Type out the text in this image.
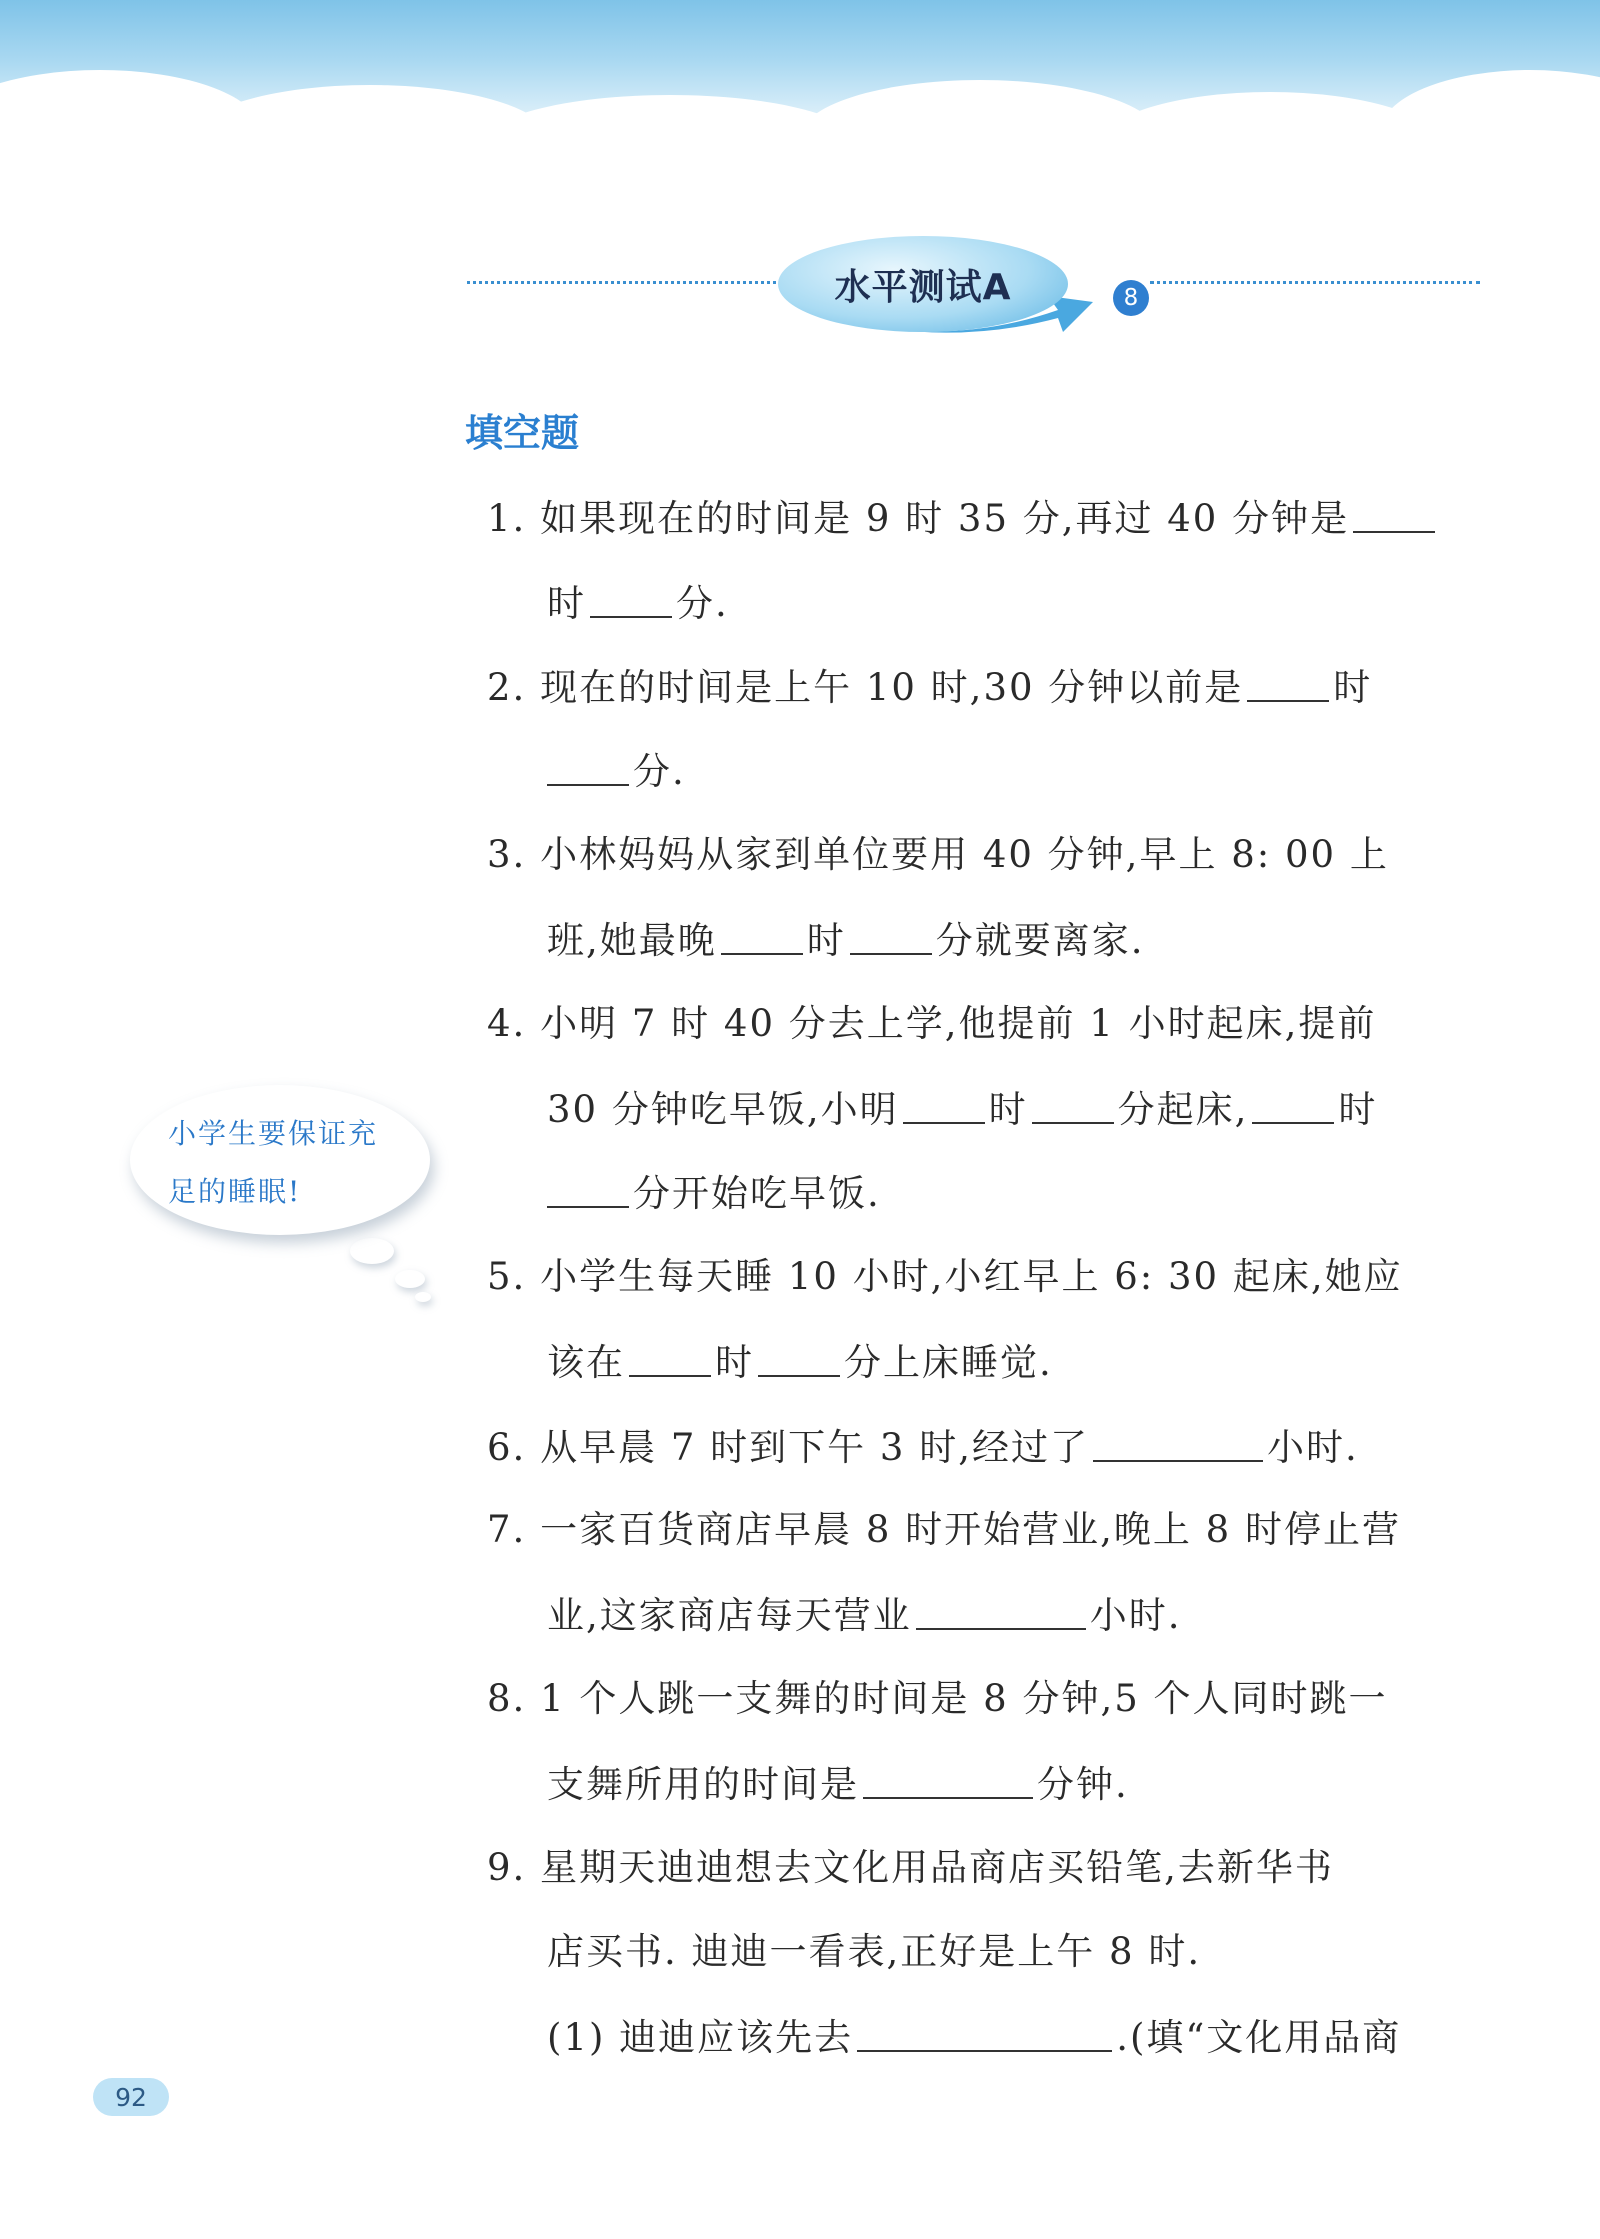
水平测试A	8
填空题
1. 如果现在的时间是 9 时 35 分,再过 40 分钟是
时 分.
2. 现在的时间是上午 10 时,30 分钟以前是 时
分.
3. 小林妈妈从家到单位要用 40 分钟,早上 8: 00 上
班,她最晚 时 分就要离家.
4. 小明 7 时 40 分去上学,他提前 1 小时起床,提前
30 分钟吃早饭,小明 时 分起床, 时
分开始吃早饭.
5. 小学生每天睡 10 小时,小红早上 6: 30 起床,她应
该在 时 分上床睡觉.
6. 从早晨 7 时到下午 3 时,经过了	小时.
7. 一家百货商店早晨 8 时开始营业,晚上 8 时停止营
业,这家商店每天营业	小时.
8. 1 个人跳一支舞的时间是 8 分钟,5 个人同时跳一
支舞所用的时间是	分钟.
9. 星期天迪迪想去文化用品商店买铅笔,去新华书
店买书. 迪迪一看表,正好是上午 8 时.
(1) 迪迪应该先去	.(填“文化用品商
小学生要保证充
足的睡眠!
92
